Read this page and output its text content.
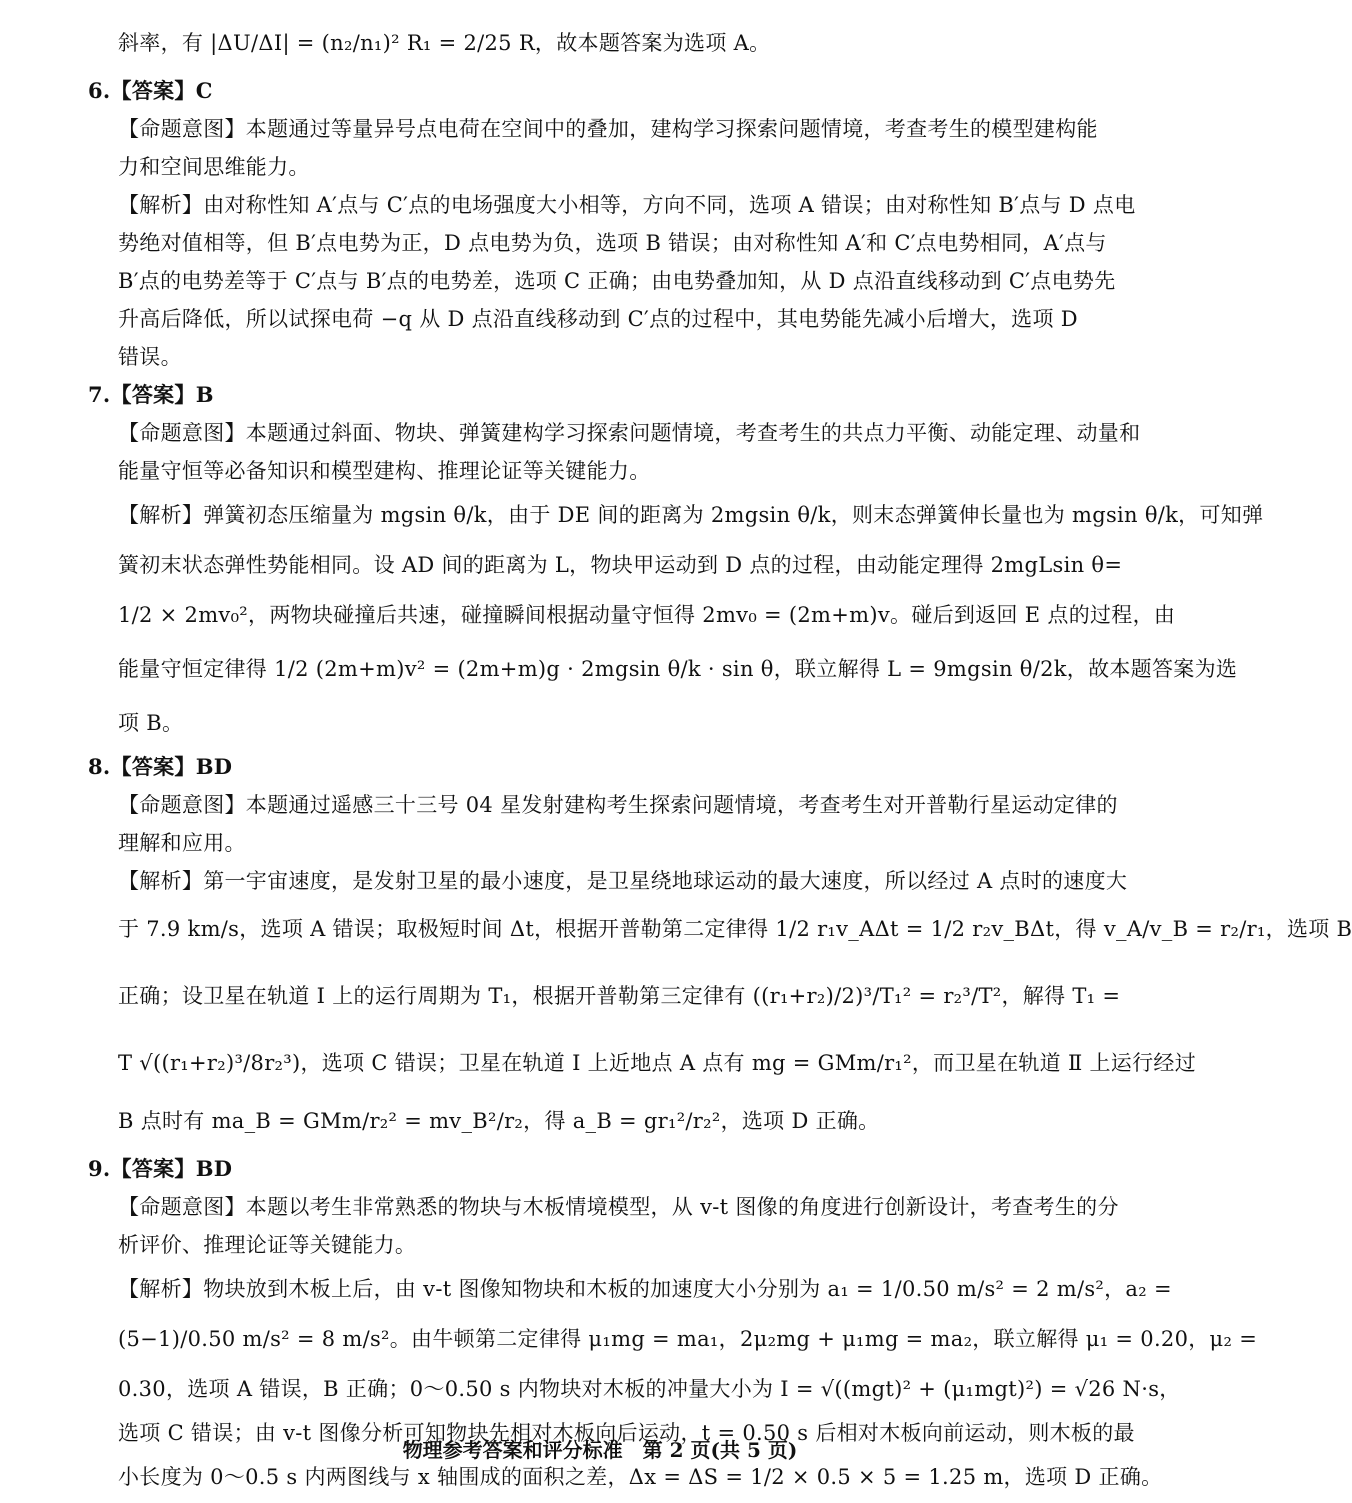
斜率，有 |ΔU/ΔI| = (n₂/n₁)² R₁ = 2/25 R，故本题答案为选项 A。
6.【答案】C
【命题意图】本题通过等量异号点电荷在空间中的叠加，建构学习探索问题情境，考查考生的模型建构能
力和空间思维能力。
【解析】由对称性知 A′点与 C′点的电场强度大小相等，方向不同，选项 A 错误；由对称性知 B′点与 D 点电
势绝对值相等，但 B′点电势为正，D 点电势为负，选项 B 错误；由对称性知 A′和 C′点电势相同，A′点与
B′点的电势差等于 C′点与 B′点的电势差，选项 C 正确；由电势叠加知，从 D 点沿直线移动到 C′点电势先
升高后降低，所以试探电荷 −q 从 D 点沿直线移动到 C′点的过程中，其电势能先减小后增大，选项 D
错误。
7.【答案】B
【命题意图】本题通过斜面、物块、弹簧建构学习探索问题情境，考查考生的共点力平衡、动能定理、动量和
能量守恒等必备知识和模型建构、推理论证等关键能力。
【解析】弹簧初态压缩量为 mgsin θ/k，由于 DE 间的距离为 2mgsin θ/k，则末态弹簧伸长量也为 mgsin θ/k，可知弹
簧初末状态弹性势能相同。设 AD 间的距离为 L，物块甲运动到 D 点的过程，由动能定理得 2mgLsin θ=
1/2 × 2mv₀²，两物块碰撞后共速，碰撞瞬间根据动量守恒得 2mv₀ = (2m+m)v。碰后到返回 E 点的过程，由
能量守恒定律得 1/2 (2m+m)v² = (2m+m)g · 2mgsin θ/k · sin θ，联立解得 L = 9mgsin θ/2k，故本题答案为选
项 B。
8.【答案】BD
【命题意图】本题通过遥感三十三号 04 星发射建构考生探索问题情境，考查考生对开普勒行星运动定律的
理解和应用。
【解析】第一宇宙速度，是发射卫星的最小速度，是卫星绕地球运动的最大速度，所以经过 A 点时的速度大
于 7.9 km/s，选项 A 错误；取极短时间 Δt，根据开普勒第二定律得 1/2 r₁v_AΔt = 1/2 r₂v_BΔt，得 v_A/v_B = r₂/r₁，选项 B
正确；设卫星在轨道 Ⅰ 上的运行周期为 T₁，根据开普勒第三定律有 ((r₁+r₂)/2)³/T₁² = r₂³/T²，解得 T₁ =
T √((r₁+r₂)³/8r₂³)，选项 C 错误；卫星在轨道 Ⅰ 上近地点 A 点有 mg = GMm/r₁²，而卫星在轨道 Ⅱ 上运行经过
B 点时有 ma_B = GMm/r₂² = mv_B²/r₂，得 a_B = gr₁²/r₂²，选项 D 正确。
9.【答案】BD
【命题意图】本题以考生非常熟悉的物块与木板情境模型，从 v-t 图像的角度进行创新设计，考查考生的分
析评价、推理论证等关键能力。
【解析】物块放到木板上后，由 v-t 图像知物块和木板的加速度大小分别为 a₁ = 1/0.50 m/s² = 2 m/s²，a₂ =
(5−1)/0.50 m/s² = 8 m/s²。由牛顿第二定律得 μ₁mg = ma₁，2μ₂mg + μ₁mg = ma₂，联立解得 μ₁ = 0.20，μ₂ =
0.30，选项 A 错误，B 正确；0～0.50 s 内物块对木板的冲量大小为 I = √((mgt)² + (μ₁mgt)²) = √26 N·s，
选项 C 错误；由 v-t 图像分析可知物块先相对木板向后运动，t = 0.50 s 后相对木板向前运动，则木板的最
小长度为 0～0.5 s 内两图线与 x 轴围成的面积之差，Δx = ΔS = 1/2 × 0.5 × 5 = 1.25 m，选项 D 正确。
物理参考答案和评分标准　第 2 页(共 5 页)
